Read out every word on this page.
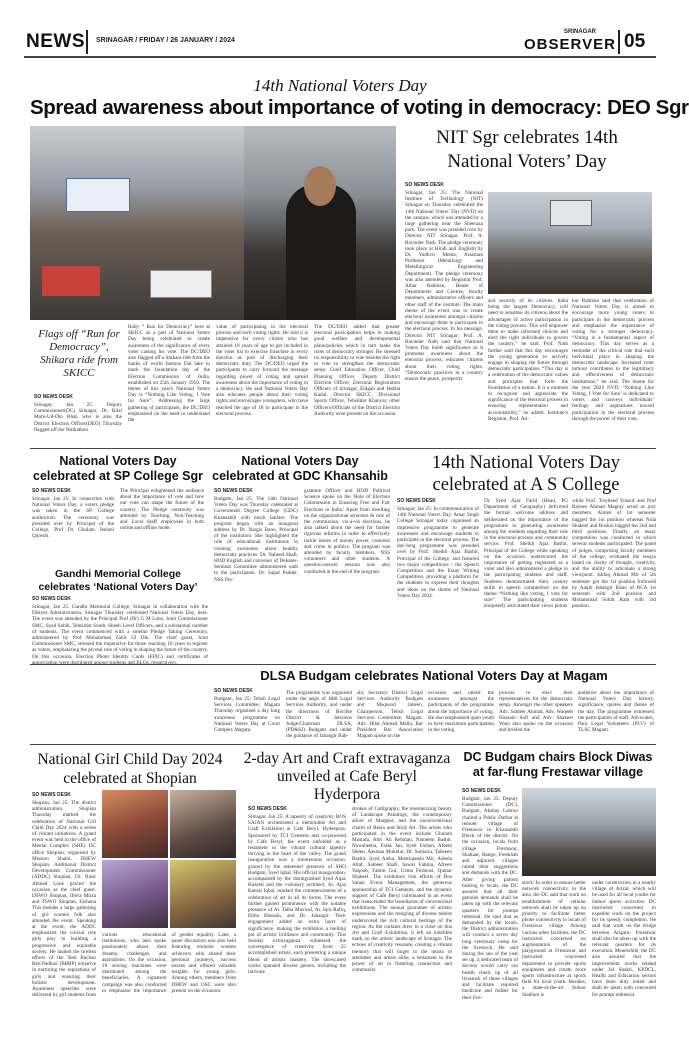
NEWS SRINAGAR / FRIDAY / 26 JANUARY / 2024
SRINAGAR
OBSERVER 05
14th National Voters Day
Spread awareness about importance of voting in democracy: DEO Sgr
Flags off “Run for Democracy”, Shikara ride from SKICC
SO NEWS DESK
Srinagar, Jan 25: Deputy Commissioner(DC) Srinagar, Dr. Bilal Mohi-Ud-Din Bhat, who is also the District Election Officer(DEO) Thursday flagged off the Walkathon
Rally “ Run for Democracy” here at SKICC as a part of National Voters Day being celebrated to create awareness of the significance of every voter casting his vote. The DC/DEO also flagged off a Shikara ride from the banks of world famous Dal lake to mark the foundation day of the Election Commission of India, established on 25th January 1950. The theme of this year's National Voters Day is “Nothing Like Voting, I Vote for Sure”. Addressing the large gathering of participants, the DC/DEO emphasised on the need to understand the
value of participating in the electoral process and each voting rights. He said it is imperative for every citizen who has attained 18 years of age to get included in the voter list to exercise franchise in every election as part of discharging their democratic duty. The DC/DEO urged the participants to carry forward the message regarding power of voting and spread awareness about the importance of voting in a democracy. He said National Voters Day also educates people about their voting rights and encourages youngsters, who have reached the age of 18 to participate in the electoral process.
The DC/DEO added that greater electoral participation helps in making good welfare and developmental plans/policies which in turn make the roots of democracy stronger. He stressed on responsibility to vote besides the right to vote to strengthen the democratic setup. Chief Education Officer, Chief Planning Officer, Deputy District Election Officer, Electoral Registration Officers of Srinagar, Eidgah and Habba Kadal, Director SKICC, Divisional Sports Officer, Tehsildar Khanyar, other Officers/Officials of the District Election Authority were present on the occasion.
NIT Sgr celebrates 14th National Voters’ Day
SO NEWS DESK
Srinagar, Jan 25: The National Institute of Technology (NIT) Srinagar on Thursday celebrated the 14th National Voters’ Day (NVD) on the campus, which was attended by a large gathering near the Sheeraza park. The event was presided over by Director NIT Srinagar, Prof. A. Ravinder Nath. The pledge ceremony took place at Hindi and English) by Dr. Yudhvir Mehta, Assistant Professor (Metallurgy and Metallurgical Engineering Department). The pledge ceremony was also attended by Registrar Prof. Athar Rahman, Heads of Departments and Centres, faculty members, administrative officers and other staff of the institute. The main theme of the event was to create electoral awareness amongst citizens and encourage them to participate in the electoral process. In his message, Director NIT Srinagar, Prof. A. Ravinder Nath said that National Voters Day holds significance as it promotes awareness about the electoral process, educates citizens about their voting rights. “Democratic practices in a country ensure the peace, prosperity
and security of its citizens. India being the largest Democracy, will need to sensitise its citizens about the advantages of active participation in the voting process. This will empower them to make informed choices and elect the right individuals to govern the country,” he said. Prof. Nath further said that this day encourages the young generation to actively engage in shaping the future through democratic participation. “This day is a celebration of the democratic values and principles that form the foundation of a nation. It is a moment to recognise and appreciate the significance of the electoral process in ensuring representation and accountability,” he added. Institute’s Registrar, Prof. Ati-
kur Rahman said that celebration of National Voters Day is aimed to encourage more young voters to participate in the democratic process and emphasise the importance of voting for a stronger democracy. “Voting is a fundamental aspect of democracy. This day serves as a reminder of the critical role that each individual plays in shaping the democratic landscape. Increased voter turnout contributes to the legitimacy and effectiveness of democratic institutions,” he said. The theme for the year 2024 NVD, ‘Nothing Like Voting, I Vote for Sure’ is dedicated to voters and conveys individuals’ feelings and aspirations toward participation in the electoral process through the power of their vote.
National Voters Day celebrated at SP College Sgr
SO NEWS DESK
Srinagar, Jan 25: In connection with National Voters Day, a voters pledge was taken in the SP College auditorium. The ceremony was presided over by Principal of the College, Prof Dr Ghulam Jeelani Qureshi.
The Principal enlightened the audience about the importance of vote and how our vote can shape the future of the country. The Pledge ceremony was attended by Teaching, Non-Teaching and Local Staff employees in both online and offline mode.
Gandhi Memorial College celebrates ‘National Voters Day’
SO NEWS DESK
Srinagar, Jan 25: Gandhi Memorial College, Srinagar in collaboration with the District Administration, Srinagar Thursday celebrated National Voters Day, here. The event was attended by the Principal Prof (Dr) G M Lone, Joint Commissioner SMC, Syed Sabih, Tehsildar South, Sheeb Level Officers, and a substantial number of students. The event commenced with a solemn Pledge Taking Ceremony, administered by Prof Mohammad Zahir Ul Din. The chief guest, Joint Commissioner SMC, stressed the imperative for those reaching 18 years to register as voters, emphasizing the pivotal role of voting in shaping the future of the country. On this occasion, Election Photo Identity Cards (EPIC) and certificates of appreciation were distributed among students and BLOs, respectively.
National Voters Day celebrated at GDC Khansahib
SO NEWS DESK
Budgam, Jan 25: The 14th National Voters Day was Thursday celebrated at Government Degree College (GDC) Khansahib with much fanfare. The program began with an inaugural address by Dr. Nargis Bano, Principal of the institution. She highlighted the role of educational institutions in creating awareness about healthy democratic practices. Dr. Naheed Shafi, HOD English and convener of Debates-Seminar Committee administered oath to the participants. Dr. Sajad Padder, NSS Pro-
gramme Officer and HOD Political Science spoke on the 'Role of Election Commission in Ensuring Free and Fair Elections in India.' Apart from dwelling on the organizational structure & role of the commission, vis-à-vis elections, he also talked about the need for further rigorous reforms in order to effectively tackle issues of money power, casteism and crime in politics. The program was attended by faculty members, NSS volunteers and other students. A question-answer session was also conducted at the end of the program.
14th National Voters Day celebrated at A S College
SO NEWS DESK
Srinagar, Jan 25: In commemoration of 14th National Voters Day, Amar Singh College Srinagar today organised an impressive programme to generate awareness and encourage students to participate in the electoral process. The day-long programme was presided over by Prof. Sheikh Ajaz Bashir, Principal of the College, and featured two major competitions - the Speech Competition and the Essay Writing Competition, providing a platform for the students to express their thoughts and ideas on the theme of National Voters Day 2024.
Dr. Syed Ajaz Farid (Head, PG Department of Geography) delivered the formal welcome address and deliberated on the importance of the programme in generating awareness among the students regarding their role in the electoral process and community service. Prof. Sheikh Ajaz Bashir, Principal of the College while speaking on the occasion underscored the importance of getting registered as a voter and also administered a pledge to the participating students and staff. Students demonstrated their oratory skills in speech competition on the theme “Nothing like voting, I vote for sure”. The participating students eloquently articulated their views points
while Prof. Towheed Yousuf and Prof Rayees Ahmad Magray acted as jury members. Aimen of 1st semester bagged the 1st position whereas Nida Shakeel and Bushra bagged the 2nd and third positions. Finally, an essay competition was conducted in which several students participated. The panel of judges, comprising faculty members of the college, evaluated the essays based on clarity of thought, creativity, and the ability to articulate a strong viewpoint. Ishfaq Ahmad Mir of 5th semester got the 1st position followed by Aaqib Jahangir Khan of BCA 1st semester with 2nd position and Mohammad Sohib Ram with 3rd position.
DLSA Budgam celebrates National Voters Day at Magam
SO NEWS DESK
Budgam, Jan 25: Tehsil Legal Services Committee, Magam Thursday organised a day long awareness programme on National Voters Day at Court Complex Magam.
The programme was organised under the aegis of J&K Legal Services Authority, and under the directions of Hon'ble District & Sessions Judge/Chairman DLSA, (PD&SJ) Budgam and under the guidance of Jahangir Bab-
shi, Secretary District Legal Services Authority Budgam and Maqsood Jabeen, Chairperson, Tehsil Legal Services Committee, Magam. Adv. Hilal Ahmad Malla, Bar President Bar Association Magam spoke on the
occasion and raised the awareness amongst the participants of the programme about the importance of voting. He also emphasised upon youth to have maximum participation in the voting
process to elect their representatives for the democratic setup. Amongst the other speakers Adv. Sameer Ahmad, Adv. Waqeeb Hussain Sofi and Adv. Shakeel Wani also spoke on the occasion and briefed the
audience about the importance of National Voters Day history, significance, quotes and theme of the day. The programme witnessed the participation of staff, Advocates, Para Legal Volunteers (PLV) of TLSC Magam.
National Girl Child Day 2024 celebrated at Shopian
SO NEWS DESK
Shopian, Jan 25: The district administration, Shopian Thursday marked the celebration of National Girl Child Day 2024 with a series of vibrant initiatives. A grand event was held in the office of Mental Complex (SHE) DC office Shopian, organised by Mission Shakti, DHEW Shopian. Additional District Development Commissioner (ADDC) Shopian, Dr. Nasir Ahmad Lone graced the occasion as the chief guest. DSWO Shopian, Ifrera Mirza and TSWO Shopian, Farhana This besides a large gathering of girl women folk also attended the event. Speaking at the event, the ADDC emphasized the crucial role girls play in building a progressive and equitable society. He lauded the tireless efforts of the 'Beti Bachao Beti Padhao' (BBBP) initiative in nurturing the aspirations of girls and ensuring their holistic development. Awareness speeches were delivered by girl students from
various educational institutions, who also spoke passionately about their dreams, challenges, and aspirations. On the occasion, 10 sewing machines were distributed among the beneficiaries. A signature campaign was also conducted to emphasise the importance of gender equality. Later, a panel discussion was also held featuring eminent women achievers who shared their personal journeys, success stories and offered valuable insights for young girls. Among others, members from DHEW and OSC were also present on the occasion.
2-day Art and Craft extravaganza unveiled at Cafe Beryl Hyderpora
SO NEWS DESK
Srinagar, Jan 25: A tapestry of creativity ROS SAJAN orchestrated a memorable Art and Craft Exhibition at Cafe Beryl, Hyderpora. Sponsored by TCI Cements and co-powered by Cafe Beryl, the event unfolded as a testament to the vibrant cultural tapestry thriving in the heart of the valley. The grand inauguration was a momentous occasion, graced by the esteemed presence of SHO Budgam, Syed Iqbal. His official inauguration, accompanied by the distinguished Syed Aijaz Kukreti and the visionary architect, Ar. Ajaz Kamal Iqbal, marked the commencement of a celebration of art in all its forms. The event further gained prominence with the notable presence of Ar. Talha Muswaf, Ar. Iqra Rafiq, Eliha Hussain, and Dr. Jahangir. Their engagement added an extra layer of significance, making the exhibition a melting pot of artistic brilliance and community. This Sunday extravaganza witnessed the convergence of creativity from 25 accomplished artists, each presenting a unique blend of artistic mastery. The showcased works spanned diverse genres, including the intricate
strokes of Calligraphy, the mesmerizing beauty of Landscape Paintings, the contemporary allure of Margent, and the unconventional charm of Resin and Stick Art. The artists who participated in the event include Ghulam Mustafa, Attri Ali Rehman, Nameem Bashir, Nowsheeba, Falak Jan, Syed Farhan, Afeem Sheen, Aasmaa Mukhtar, Dr. Sumaira, Tabeeen Bashir, Syed Aisha, Mentiqueela Mir, Adeela Altaf, Sameer Shafi, Sawar Fatima, Afreen Yaqoob, Fahim Gul, Uzma Firdousi, Qumar Shakeel. The exhibitors true efforts of Ros Sanan Event Management, the generous sponsorship of TCI Cements, and the dynamic support of Cafe Beryl culminated in an event that transcended the boundaries of conventional exhibitions. The annual guarantee of artistic expressions and the mingling of diverse talents underscored the rich cultural heritage of the region. As the curtains drew to a close on this Art and Craft Exhibition, it left an indelible mark on the artistic landscape of Srinagar. The echoes of creativity resonate, creating a vibrant memory that will linger in the hearts of attendees and artists alike, a testament to the power of art in fostering connection and community.
DC Budgam chairs Block Diwas at far-flung Frestawar village
SO NEWS DESK
Budgam, Jan 25: Deputy Commissioner (DC), Budgam, Akshay Labroo chaired a Public Darbar at remote village of Frestawar in Khansahib Block of the district. On the occasion, locals from village Frestawar, Shaltaar, Rango, Freekhab and adjacent villages raised their suggestions and demands with the DC. After giving patient hearing to locals, the DC assured that all their genuine demands shall be taken up with the relevant quarters for prompt redressal. He said that as demanded by the locals, the District administration will conduct a seven day long veterinary camp for the livestock. He said during the sno of the year set up, a dedicated team of doctors would carry out health check up of all livestock of these villages and facilitate required medicine and fodder for their live-
stock. In order to ensure better network connectivity in the area, the DC said that work on establishment of cellular network shall be taken up on priority to facilitate better phone connectivity to locals of Frestawar village. Among various other facilities, the DC instructed concerned on augmentation of the playground at Frestawar and instructed concerned department to provide sports equipment and create more sports infrastructure at sports field for local youth. Besides, a state-of-the-art Indoor Stadium is
under construction in a nearby village of Arizal, which will be used for all local youths for indoor sports activities. DC instructed concerned to expedite work on the project for its speedy completion. He said that work on the bridge between Arigam- Frestawar shall also be taken up with the relevant quarters for its execution. Meanwhile, the DC also assured that the improvement works related under Jal Shakti, KPDCL, Health and Education sectors have been duly noted and shall be taken with concerned for prompt redressal.
